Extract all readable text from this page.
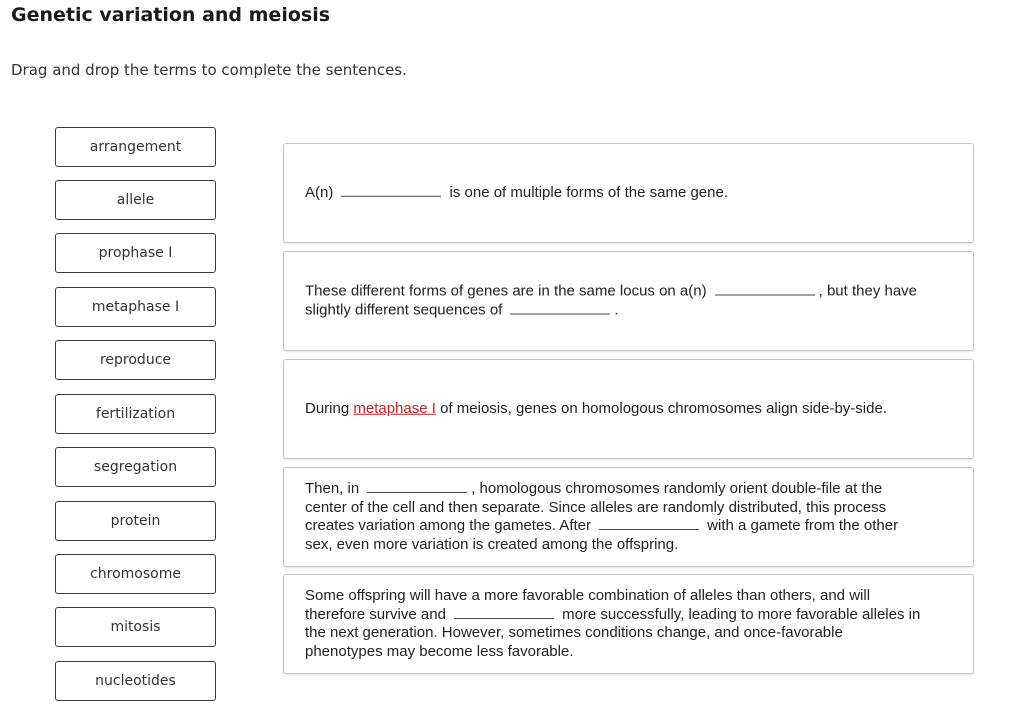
Genetic variation and meiosis
Drag and drop the terms to complete the sentences.
arrangement
allele
prophase I
metaphase I
reproduce
fertilization
segregation
protein
chromosome
mitosis
nucleotides
A(n)	is one of multiple forms of the same gene.
These different forms of genes are in the same locus on a(n)	, but they have slightly different sequences of	.
During metaphase I of meiosis, genes on homologous chromosomes align side-by-side.
Then, in	, homologous chromosomes randomly orient double-file at the center of the cell and then separate. Since alleles are randomly distributed, this process creates variation among the gametes. After	with a gamete from the other sex, even more variation is created among the offspring.
Some offspring will have a more favorable combination of alleles than others, and will therefore survive and	more successfully, leading to more favorable alleles in the next generation. However, sometimes conditions change, and once-favorable phenotypes may become less favorable.
